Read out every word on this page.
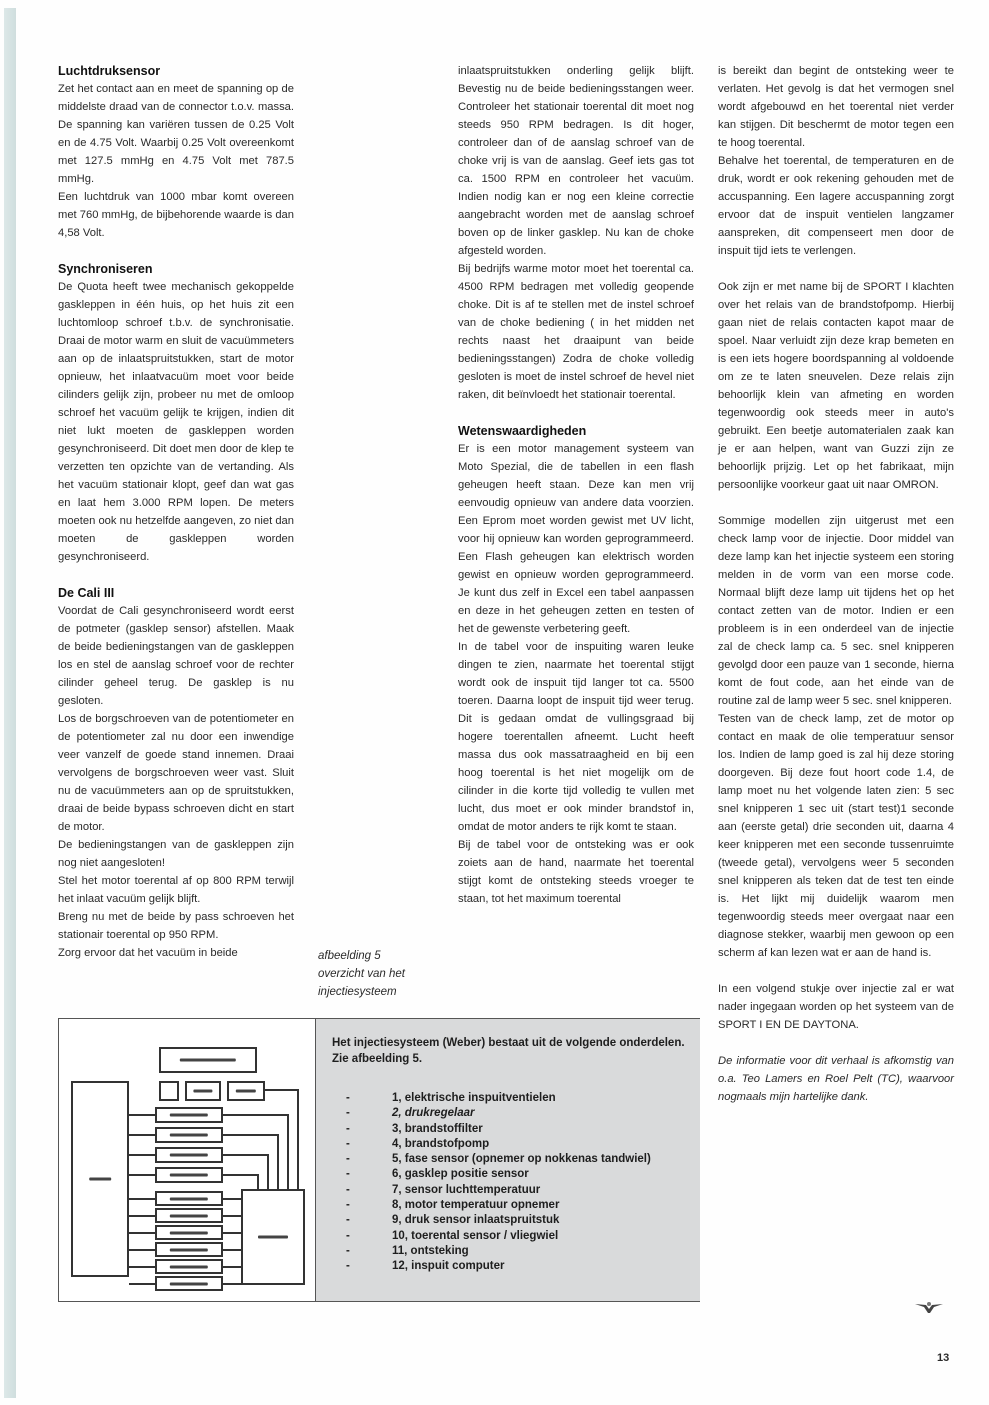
Luchtdruksensor

Zet het contact aan en meet de spanning op de middelste draad van de connector t.o.v. massa. De spanning kan variëren tussen de 0.25 Volt en de 4.75 Volt. Waarbij 0.25 Volt overeenkomt met 127.5 mmHg en 4.75 Volt met 787.5 mmHg.

Een luchtdruk van 1000 mbar komt overeen met 760 mmHg, de bijbehorende waarde is dan 4,58 Volt.

Synchroniseren

De Quota heeft twee mechanisch gekoppelde gaskleppen in één huis, op het huis zit een luchtomloop schroef t.b.v. de synchronisatie. Draai de motor warm en sluit de vacuümmeters aan op de inlaatspruitstukken, start de motor opnieuw, het inlaatvacuüm moet voor beide cilinders gelijk zijn, probeer nu met de omloop schroef het vacuüm gelijk te krijgen, indien dit niet lukt moeten de gaskleppen worden gesynchroniseerd. Dit doet men door de klep te verzetten ten opzichte van de vertanding. Als het vacuüm stationair klopt, geef dan wat gas en laat hem 3.000 RPM lopen. De meters moeten ook nu hetzelfde aangeven, zo niet dan moeten de gaskleppen worden gesynchroniseerd.

De Cali III

Voordat de Cali gesynchroniseerd wordt eerst de potmeter (gasklep sensor) afstellen. Maak de beide bedieningstangen van de gaskleppen los en stel de aanslag schroef voor de rechter cilinder geheel terug. De gasklep is nu gesloten.

Los de borgschroeven van de potentiometer en de potentiometer zal nu door een inwendige veer vanzelf de goede stand innemen. Draai vervolgens de borgschroeven weer vast. Sluit nu de vacuümmeters aan op de spruitstukken, draai de beide bypass schroeven dicht en start de motor.

De bedieningstangen van de gaskleppen zijn nog niet aangesloten!

Stel het motor toerental af op 800 RPM terwijl het inlaat vacuüm gelijk blijft.

Breng nu met de beide by pass schroeven het stationair toerental op 950 RPM.

Zorg ervoor dat het vacuüm in beide	afbeelding 5
overzicht van het
injectiesysteem

inlaatspruitstukken onderling gelijk blijft. Bevestig nu de beide bedieningsstangen weer. Controleer het stationair toerental dit moet nog steeds 950 RPM bedragen. Is dit hoger, controleer dan of de aanslag schroef van de choke vrij is van de aanslag. Geef iets gas tot ca. 1500 RPM en controleer het vacuüm. Indien nodig kan er nog een kleine correctie aangebracht worden met de aanslag schroef boven op de linker gasklep. Nu kan de choke afgesteld worden.

Bij bedrijfs warme motor moet het toerental ca. 4500 RPM bedragen met volledig geopende choke. Dit is af te stellen met de instel schroef van de choke bediening ( in het midden net rechts naast het draaipunt van beide bedieningsstangen) Zodra de choke volledig gesloten is moet de instel schroef de hevel niet raken, dit beïnvloedt het stationair toerental.

Wetenswaardigheden

Er is een motor management systeem van Moto Spezial, die de tabellen in een flash geheugen heeft staan. Deze kan men vrij eenvoudig opnieuw van andere data voorzien. Een Eprom moet worden gewist met UV licht, voor hij opnieuw kan worden geprogrammeerd. Een Flash geheugen kan elektrisch worden gewist en opnieuw worden geprogrammeerd. Je kunt dus zelf in Excel een tabel aanpassen en deze in het geheugen zetten en testen of het de gewenste verbetering geeft.

In de tabel voor de inspuiting waren leuke dingen te zien, naarmate het toerental stijgt wordt ook de inspuit tijd langer tot ca. 5500 toeren. Daarna loopt de inspuit tijd weer terug. Dit is gedaan omdat de vullingsgraad bij hogere toerentallen afneemt. Lucht heeft massa dus ook massatraagheid en bij een hoog toerental is het niet mogelijk om de cilinder in die korte tijd volledig te vullen met lucht, dus moet er ook minder brandstof in, omdat de motor anders te rijk komt te staan.

Bij de tabel voor de ontsteking was er ook zoiets aan de hand, naarmate het toerental stijgt komt de ontsteking steeds vroeger te staan, tot het maximum toerental

is bereikt dan begint de ontsteking weer te verlaten. Het gevolg is dat het vermogen snel wordt afgebouwd en het toerental niet verder kan stijgen. Dit beschermt de motor tegen een te hoog toerental.

Behalve het toerental, de temperaturen en de druk, wordt er ook rekening gehouden met de accuspanning. Een lagere accuspanning zorgt ervoor dat de inspuit ventielen langzamer aanspreken, dit compenseert men door de inspuit tijd iets te verlengen.

Ook zijn er met name bij de SPORT I klachten over het relais van de brandstofpomp. Hierbij gaan niet de relais contacten kapot maar de spoel. Naar verluidt zijn deze krap bemeten en is een iets hogere boordspanning al voldoende om ze te laten sneuvelen. Deze relais zijn behoorlijk klein van afmeting en worden tegenwoordig ook steeds meer in auto's gebruikt. Een beetje automaterialen zaak kan je er aan helpen, want van Guzzi zijn ze behoorlijk prijzig. Let op het fabrikaat, mijn persoonlijke voorkeur gaat uit naar OMRON.

Sommige modellen zijn uitgerust met een check lamp voor de injectie. Door middel van deze lamp kan het injectie systeem een storing melden in de vorm van een morse code. Normaal blijft deze lamp uit tijdens het op het contact zetten van de motor. Indien er een probleem is in een onderdeel van de injectie zal de check lamp ca. 5 sec. snel knipperen gevolgd door een pauze van 1 seconde, hierna komt de fout code, aan het einde van de routine zal de lamp weer 5 sec. snel knipperen.

Testen van de check lamp, zet de motor op contact en maak de olie temperatuur sensor los. Indien de lamp goed is zal hij deze storing doorgeven. Bij deze fout hoort code 1.4, de lamp moet nu het volgende laten zien: 5 sec snel knipperen 1 sec uit (start test)1 seconde aan (eerste getal) drie seconden uit, daarna 4 keer knipperen met een seconde tussenruimte (tweede getal), vervolgens weer 5 seconden snel knipperen als teken dat de test ten einde is. Het lijkt mij duidelijk waarom men tegenwoordig steeds meer overgaat naar een diagnose stekker, waarbij men gewoon op een scherm af kan lezen wat er aan de hand is.

In een volgend stukje over injectie zal er wat nader ingegaan worden op het systeem van de SPORT I EN DE DAYTONA.

De informatie voor dit verhaal is afkomstig van o.a. Teo Lamers en Roel Pelt (TC), waarvoor nogmaals mijn hartelijke dank.

Het injectiesysteem (Weber) bestaat uit de volgende onderdelen. Zie afbeelding 5.
-	1, elektrische inspuitventielen
-	2, drukregelaar
-	3, brandstoffilter
-	4, brandstofpomp
-	5, fase sensor (opnemer op nokkenas tandwiel)
-	6, gasklep positie sensor
-	7, sensor luchttemperatuur
-	8, motor temperatuur opnemer
-	9, druk sensor inlaatspruitstuk
-	10, toerental sensor / vliegwiel
-	11, ontsteking
-	12, inspuit computer
13
